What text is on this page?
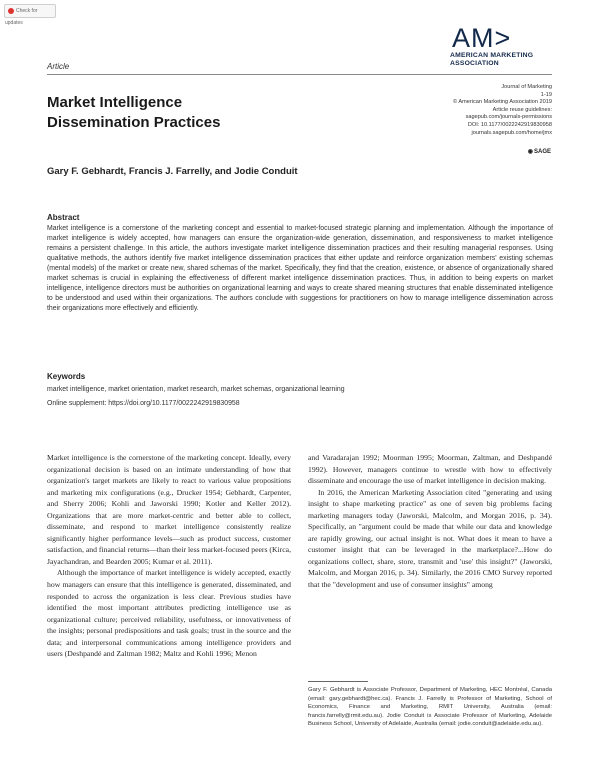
Check for updates	AM>
AMERICAN MARKETING
ASSOCIATION
Article
Journal of Marketing
1-19
© American Marketing Association 2019
Article reuse guidelines:
sagepub.com/journals-permissions
DOI: 10.1177/0022242919830958
journals.sagepub.com/home/jmx
◉SAGE
Market Intelligence
Dissemination Practices
Gary F. Gebhardt, Francis J. Farrelly, and Jodie Conduit
Abstract
Market intelligence is a cornerstone of the marketing concept and essential to market-focused strategic planning and implementation. Although the importance of market intelligence is widely accepted, how managers can ensure the organization-wide generation, dissemination, and responsiveness to market intelligence remains a persistent challenge. In this article, the authors investigate market intelligence dissemination practices and their resulting managerial responses. Using qualitative methods, the authors identify five market intelligence dissemination practices that either update and reinforce organization members' existing schemas (mental models) of the market or create new, shared schemas of the market. Specifically, they find that the creation, existence, or absence of organizationally shared market schemas is crucial in explaining the effectiveness of different market intelligence dissemination practices. Thus, in addition to being experts on market intelligence, intelligence directors must be authorities on organizational learning and ways to create shared meaning structures that enable disseminated intelligence to be understood and used within their organizations. The authors conclude with suggestions for practitioners on how to manage intelligence dissemination across their organizations more effectively and efficiently.
Keywords
market intelligence, market orientation, market research, market schemas, organizational learning
Online supplement: https://doi.org/10.1177/0022242919830958

Market intelligence is the cornerstone of the marketing concept. Ideally, every organizational decision is based on an intimate understanding of how that organization's target markets are likely to react to various value propositions and marketing mix configurations (e.g., Drucker 1954; Gebhardt, Carpenter, and Sherry 2006; Kohli and Jaworski 1990; Kotler and Keller 2012). Organizations that are more market-centric and better able to collect, disseminate, and respond to market intelligence consistently realize significantly higher performance levels—such as product success, customer satisfaction, and financial returns—than their less market-focused peers (Kirca, Jayachandran, and Bearden 2005; Kumar et al. 2011).

Although the importance of market intelligence is widely accepted, exactly how managers can ensure that this intelligence is generated, disseminated, and responded to across the organization is less clear. Previous studies have identified the most important attributes predicting intelligence use as organizational culture; perceived reliability, usefulness, or innovativeness of the insights; personal predispositions and task goals; trust in the source and the data; and interpersonal communications among intelligence providers and users (Deshpandé and Zaltman 1982; Maltz and Kohli 1996; Menon

and Varadarajan 1992; Moorman 1995; Moorman, Zaltman, and Deshpandé 1992). However, managers continue to wrestle with how to effectively disseminate and encourage the use of market intelligence in decision making.

In 2016, the American Marketing Association cited "generating and using insight to shape marketing practice" as one of seven big problems facing marketing managers today (Jaworski, Malcolm, and Morgan 2016, p. 34). Specifically, an "argument could be made that while our data and knowledge are rapidly growing, our actual insight is not. What does it mean to have a customer insight that can be leveraged in the marketplace?...How do organizations collect, share, store, transmit and 'use' this insight?" (Jaworski, Malcolm, and Morgan 2016, p. 34). Similarly, the 2016 CMO Survey reported that the "development and use of consumer insights" among

Gary F. Gebhardt is Associate Professor, Department of Marketing, HEC Montréal, Canada (email: gary.gebhardt@hec.ca). Francis J. Farrelly is Professor of Marketing, School of Economics, Finance and Marketing, RMIT University, Australia (email: francis.farrelly@rmit.edu.au). Jodie Conduit is Associate Professor of Marketing, Adelaide Business School, University of Adelaide, Australia (email: jodie.conduit@adelaide.edu.au).
